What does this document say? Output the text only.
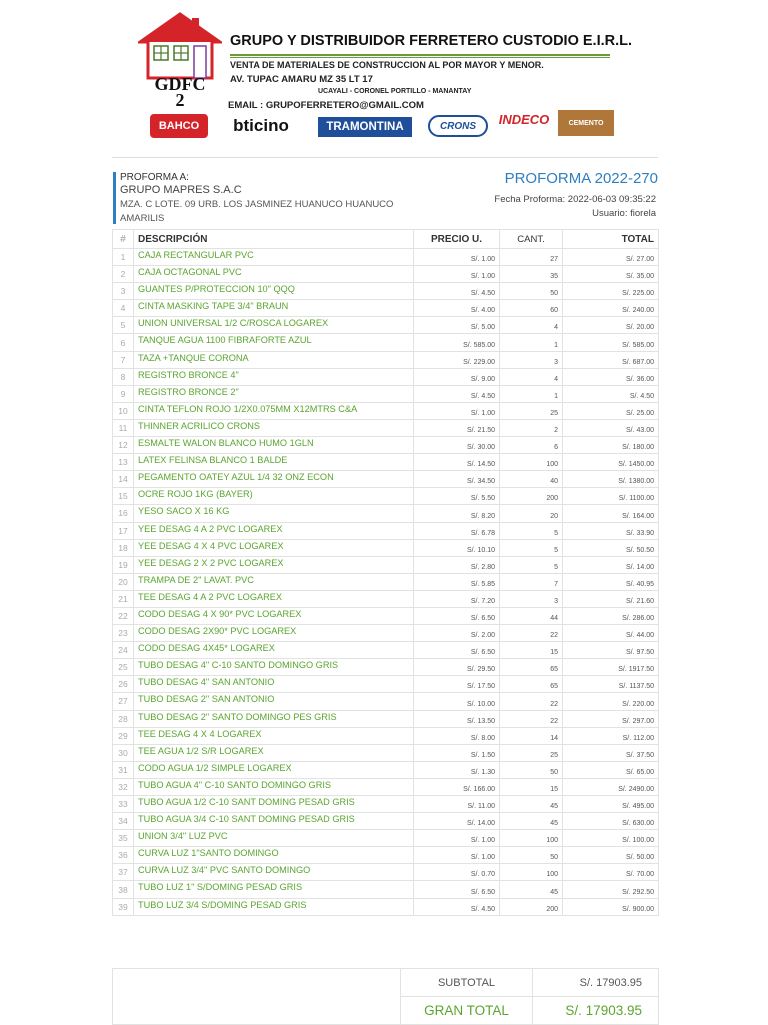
GDFC
2
GRUPO Y DISTRIBUIDOR FERRETERO CUSTODIO E.I.R.L.
VENTA DE MATERIALES DE CONSTRUCCION AL POR MAYOR Y MENOR.
AV. TUPAC AMARU MZ 35 LT 17
UCAYALI - CORONEL PORTILLO - MANANTAY
EMAIL : GRUPOFERRETERO@GMAIL.COM
BAHCO	bticino	TRAMONTINA	CRONS	INDECO	CEMENTO
PROFORMA A:
GRUPO MAPRES S.A.C
MZA. C LOTE. 09 URB. LOS JASMINEZ HUANUCO HUANUCO AMARILIS
PROFORMA 2022-270
Fecha Proforma: 2022-06-03 09:35:22
Usuario: fiorela
#	DESCRIPCIÓN	PRECIO U.	CANT.	TOTAL
1	CAJA RECTANGULAR PVC	S/. 1.00	27	S/. 27.00
2	CAJA OCTAGONAL PVC	S/. 1.00	35	S/. 35.00
3	GUANTES P/PROTECCION 10" QQQ	S/. 4.50	50	S/. 225.00
4	CINTA MASKING TAPE 3/4" BRAUN	S/. 4.00	60	S/. 240.00
5	UNION UNIVERSAL 1/2 C/ROSCA LOGAREX	S/. 5.00	4	S/. 20.00
6	TANQUE AGUA 1100 FIBRAFORTE AZUL	S/. 585.00	1	S/. 585.00
7	TAZA +TANQUE CORONA	S/. 229.00	3	S/. 687.00
8	REGISTRO BRONCE 4"	S/. 9.00	4	S/. 36.00
9	REGISTRO BRONCE 2"	S/. 4.50	1	S/. 4.50
10	CINTA TEFLON ROJO 1/2X0.075MM X12MTRS C&A	S/. 1.00	25	S/. 25.00
11	THINNER ACRILICO CRONS	S/. 21.50	2	S/. 43.00
12	ESMALTE WALON BLANCO HUMO 1GLN	S/. 30.00	6	S/. 180.00
13	LATEX FELINSA BLANCO 1 BALDE	S/. 14.50	100	S/. 1450.00
14	PEGAMENTO OATEY AZUL 1/4 32 ONZ ECON	S/. 34.50	40	S/. 1380.00
15	OCRE ROJO 1KG (BAYER)	S/. 5.50	200	S/. 1100.00
16	YESO SACO X 16 KG	S/. 8.20	20	S/. 164.00
17	YEE DESAG 4 A 2 PVC LOGAREX	S/. 6.78	5	S/. 33.90
18	YEE DESAG 4 X 4 PVC LOGAREX	S/. 10.10	5	S/. 50.50
19	YEE DESAG 2 X 2 PVC LOGAREX	S/. 2.80	5	S/. 14.00
20	TRAMPA DE 2" LAVAT. PVC	S/. 5.85	7	S/. 40.95
21	TEE DESAG 4 A 2 PVC LOGAREX	S/. 7.20	3	S/. 21.60
22	CODO DESAG 4 X 90* PVC LOGAREX	S/. 6.50	44	S/. 286.00
23	CODO DESAG 2X90* PVC LOGAREX	S/. 2.00	22	S/. 44.00
24	CODO DESAG 4X45* LOGAREX	S/. 6.50	15	S/. 97.50
25	TUBO DESAG 4" C-10 SANTO DOMINGO GRIS	S/. 29.50	65	S/. 1917.50
26	TUBO DESAG 4" SAN ANTONIO	S/. 17.50	65	S/. 1137.50
27	TUBO DESAG 2" SAN ANTONIO	S/. 10.00	22	S/. 220.00
28	TUBO DESAG 2" SANTO DOMINGO PES GRIS	S/. 13.50	22	S/. 297.00
29	TEE DESAG 4 X 4 LOGAREX	S/. 8.00	14	S/. 112.00
30	TEE AGUA 1/2 S/R LOGAREX	S/. 1.50	25	S/. 37.50
31	CODO AGUA 1/2 SIMPLE LOGAREX	S/. 1.30	50	S/. 65.00
32	TUBO AGUA 4" C-10 SANTO DOMINGO GRIS	S/. 166.00	15	S/. 2490.00
33	TUBO AGUA 1/2 C-10 SANT DOMING PESAD GRIS	S/. 11.00	45	S/. 495.00
34	TUBO AGUA 3/4 C-10 SANT DOMING PESAD GRIS	S/. 14.00	45	S/. 630.00
35	UNION 3/4" LUZ PVC	S/. 1.00	100	S/. 100.00
36	CURVA LUZ 1"SANTO DOMINGO	S/. 1.00	50	S/. 50.00
37	CURVA LUZ 3/4" PVC SANTO DOMINGO	S/. 0.70	100	S/. 70.00
38	TUBO LUZ 1" S/DOMING PESAD GRIS	S/. 6.50	45	S/. 292.50
39	TUBO LUZ 3/4 S/DOMING PESAD GRIS	S/. 4.50	200	S/. 900.00
	SUBTOTAL	S/. 17903.95
	GRAN TOTAL	S/. 17903.95
